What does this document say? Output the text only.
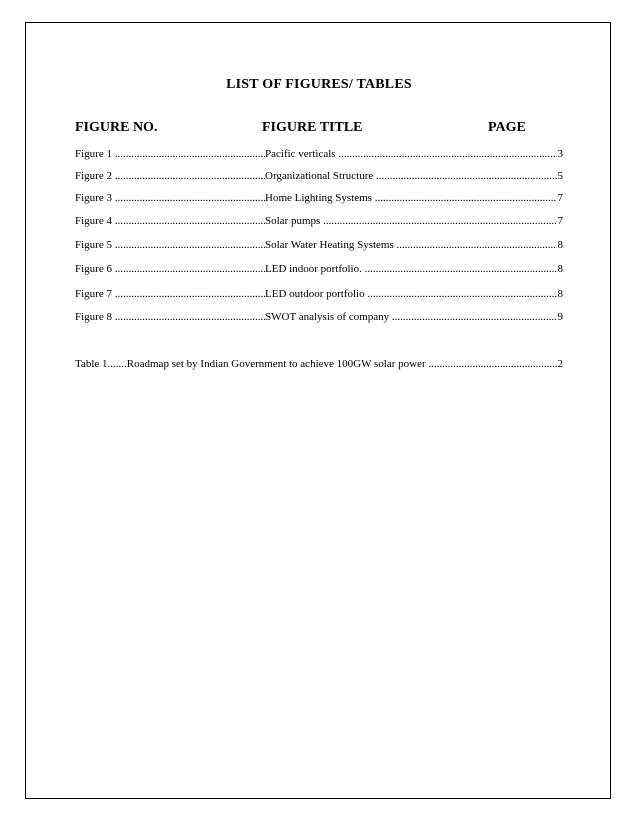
LIST OF FIGURES/ TABLES
FIGURE NO.	FIGURE TITLE	PAGE
Figure 1 .....	Pacific verticals .....	3
Figure 2 .....	Organizational Structure .....	5
Figure 3 .....	Home Lighting Systems .....	7
Figure 4 .....	Solar pumps .....	7
Figure 5 .....	Solar Water Heating Systems .....	8
Figure 6 .....	LED indoor portfolio. .....	8
Figure 7 .....	LED outdoor portfolio .....	8
Figure 8 .....	SWOT analysis of company .....	9
Table 1.......Roadmap set by Indian Government to achieve 100GW solar power .....	2
